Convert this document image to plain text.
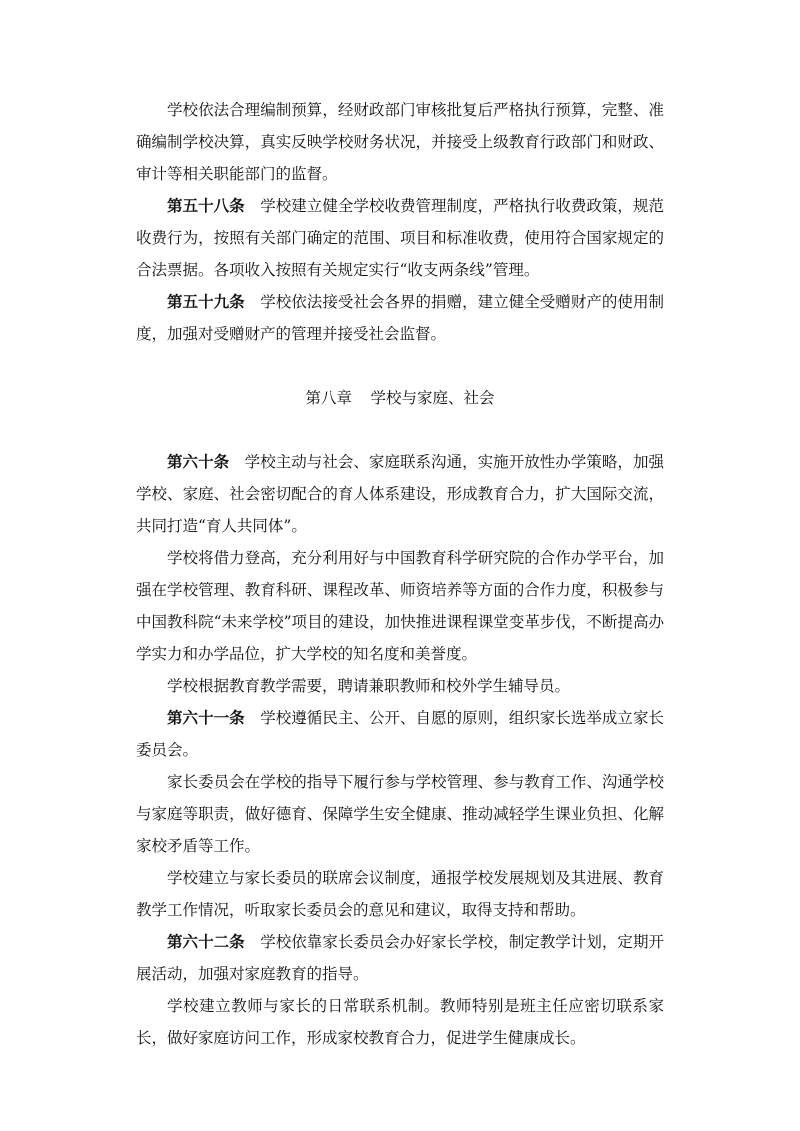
学校依法合理编制预算，经财政部门审核批复后严格执行预算，完整、准确编制学校决算，真实反映学校财务状况，并接受上级教育行政部门和财政、审计等相关职能部门的监督。

第五十八条 学校建立健全学校收费管理制度，严格执行收费政策，规范收费行为，按照有关部门确定的范围、项目和标准收费，使用符合国家规定的合法票据。各项收入按照有关规定实行“收支两条线”管理。

第五十九条 学校依法接受社会各界的捐赠，建立健全受赠财产的使用制度，加强对受赠财产的管理并接受社会监督。

第八章 学校与家庭、社会

第六十条 学校主动与社会、家庭联系沟通，实施开放性办学策略，加强学校、家庭、社会密切配合的育人体系建设，形成教育合力，扩大国际交流，共同打造“育人共同体”。

学校将借力登高，充分利用好与中国教育科学研究院的合作办学平台，加强在学校管理、教育科研、课程改革、师资培养等方面的合作力度，积极参与中国教科院“未来学校”项目的建设，加快推进课程课堂变革步伐，不断提高办学实力和办学品位，扩大学校的知名度和美誉度。

学校根据教育教学需要，聘请兼职教师和校外学生辅导员。

第六十一条 学校遵循民主、公开、自愿的原则，组织家长选举成立家长委员会。

家长委员会在学校的指导下履行参与学校管理、参与教育工作、沟通学校与家庭等职责，做好德育、保障学生安全健康、推动减轻学生课业负担、化解家校矛盾等工作。

学校建立与家长委员的联席会议制度，通报学校发展规划及其进展、教育教学工作情况，听取家长委员会的意见和建议，取得支持和帮助。

第六十二条 学校依靠家长委员会办好家长学校，制定教学计划，定期开展活动，加强对家庭教育的指导。

学校建立教师与家长的日常联系机制。教师特别是班主任应密切联系家长，做好家庭访问工作，形成家校教育合力，促进学生健康成长。
